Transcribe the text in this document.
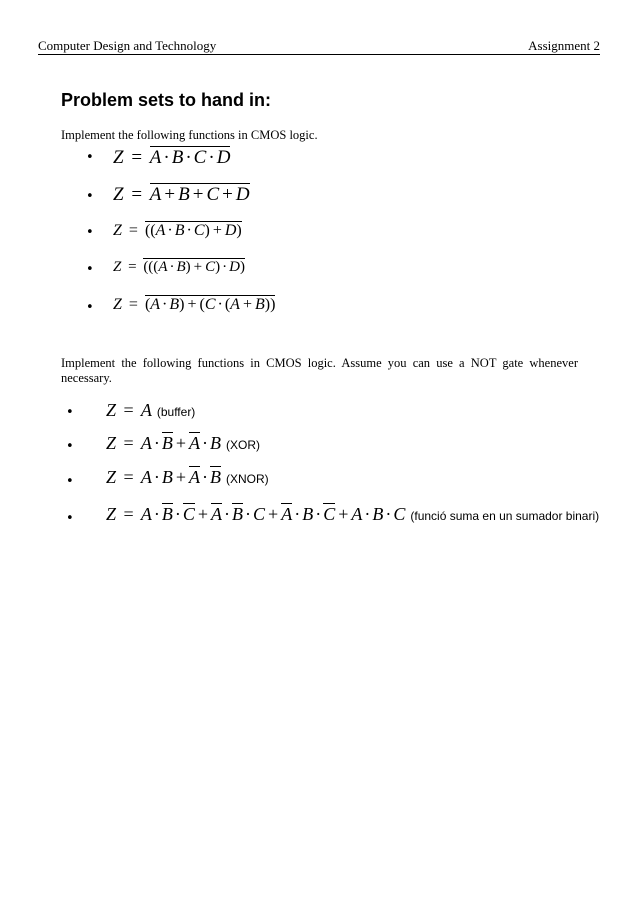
Computer Design and Technology	Assignment 2
Problem sets to hand in:

Implement the following functions in CMOS logic.

• Z = A · B · C · D
• Z = A + B + C + D
• Z = ((A · B · C) + D)
• Z = (((A · B) + C) · D)
• Z = (A · B) + (C · (A + B))

Implement the following functions in CMOS logic. Assume you can use a NOT gate whenever necessary.

• Z = A (buffer)
• Z = A · B + A · B (XOR)
• Z = A · B + A · B (XNOR)
• Z = A · B · C + A · B · C + A · B · C + A · B · C (funció suma en un sumador binari)
